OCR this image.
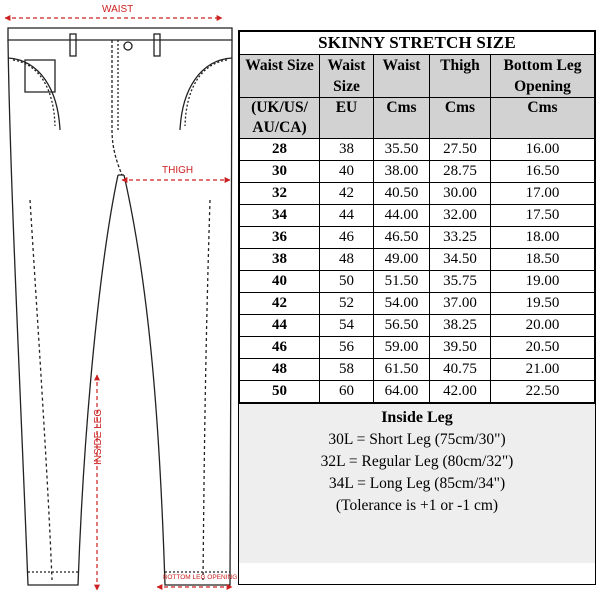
WAIST
THIGH
INSIDE LEG
BOTTOM LEG OPENING
SKINNY STRETCH SIZE				
Waist Size	Waist Size	Waist	Thigh	Bottom Leg Opening
(UK/US/ AU/CA)	EU	Cms	Cms	Cms
28	38	35.50	27.50	16.00
30	40	38.00	28.75	16.50
32	42	40.50	30.00	17.00
34	44	44.00	32.00	17.50
36	46	46.50	33.25	18.00
38	48	49.00	34.50	18.50
40	50	51.50	35.75	19.00
42	52	54.00	37.00	19.50
44	54	56.50	38.25	20.00
46	56	59.00	39.50	20.50
48	58	61.50	40.75	21.00
50	60	64.00	42.00	22.50
Inside Leg
30L = Short Leg (75cm/30")
32L = Regular Leg (80cm/32")
34L = Long Leg (85cm/34")
(Tolerance is +1 or -1 cm)
